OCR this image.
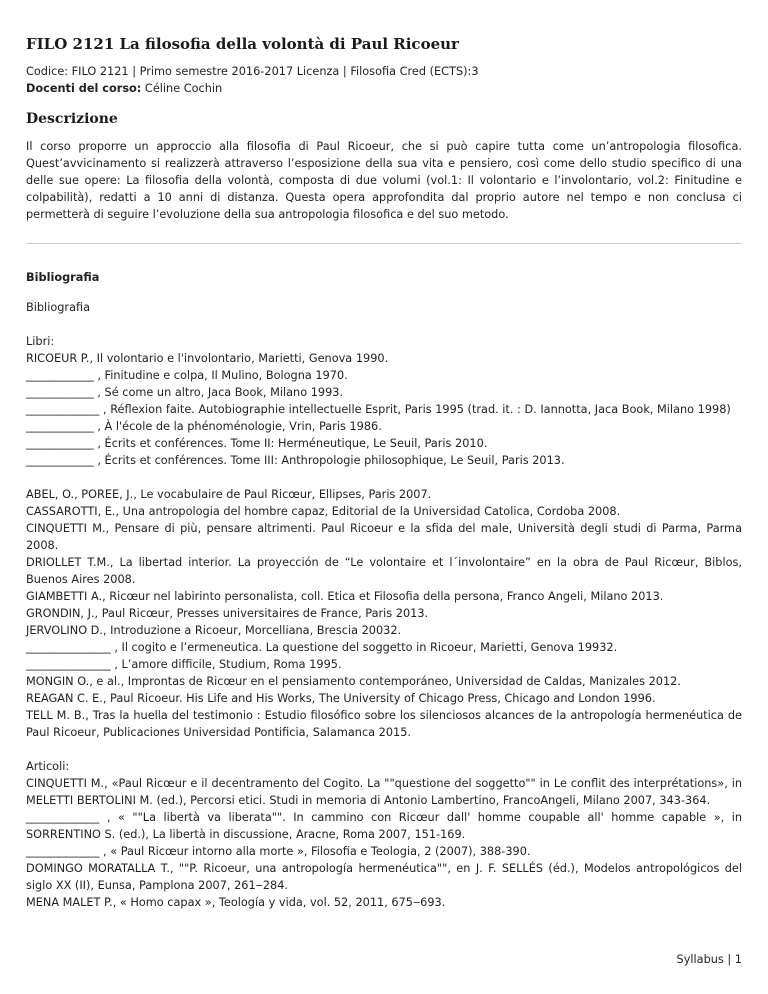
FILO 2121 La filosofia della volontà di Paul Ricoeur
Codice: FILO 2121 | Primo semestre 2016-2017 Licenza | Filosofia Cred (ECTS):3
Docenti del corso: Céline Cochin
Descrizione

Il corso proporre un approccio alla filosofia di Paul Ricoeur, che si può capire tutta come un’antropologia filosofica. Quest’avvicinamento si realizzerà attraverso l’esposizione della sua vita e pensiero, così come dello studio specifico di una delle sue opere: La filosofia della volontà, composta di due volumi (vol.1: Il volontario e l’involontario, vol.2: Finitudine e colpabilità), redatti a 10 anni di distanza. Questa opera approfondita dal proprio autore nel tempo e non conclusa ci permetterà di seguire l’evoluzione della sua antropologia filosofica e del suo metodo.

Bibliografia
Bibliografia
Libri:
RICOEUR P., Il volontario e l'involontario, Marietti, Genova 1990.
____________ , Finitudine e colpa, Il Mulino, Bologna 1970.
____________ , Sé come un altro, Jaca Book, Milano 1993.
_____________ , Réflexion faite. Autobiographie intellectuelle Esprit, Paris 1995 (trad. it. : D. Iannotta, Jaca Book, Milano 1998)
____________ , À l'école de la phénoménologie, Vrin, Paris 1986.
____________ , Écrits et conférences. Tome II: Herméneutique, Le Seuil, Paris 2010.
____________ , Écrits et conférences. Tome III: Anthropologie philosophique, Le Seuil, Paris 2013.
ABEL, O., POREE, J., Le vocabulaire de Paul Ricœur, Ellipses, Paris 2007.
CASSAROTTI, E., Una antropologia del hombre capaz, Editorial de la Universidad Catolica, Cordoba 2008.
CINQUETTI M., Pensare di più, pensare altrimenti. Paul Ricoeur e la sfida del male, Università degli studi di Parma, Parma 2008.
DRIOLLET T.M., La libertad interior. La proyección de “Le volontaire et l´involontaire” en la obra de Paul Ricœur, Biblos, Buenos Aires 2008.
GIAMBETTI A., Ricœur nel labirinto personalista, coll. Etica et Filosofia della persona, Franco Angeli, Milano 2013.
GRONDIN, J., Paul Ricœur, Presses universitaires de France, Paris 2013.
JERVOLINO D., Introduzione a Ricoeur, Morcelliana, Brescia 20032.
_______________ , Il cogito e l’ermeneutica. La questione del soggetto in Ricoeur, Marietti, Genova 19932.
_______________ , L’amore difficile, Studium, Roma 1995.
MONGIN O., e al., Improntas de Ricœur en el pensiamento contemporáneo, Universidad de Caldas, Manizales 2012.
REAGAN C. E., Paul Ricoeur. His Life and His Works, The University of Chicago Press, Chicago and London 1996.
TELL M. B., Tras la huella del testimonio : Estudio filosófico sobre los silenciosos alcances de la antropología hermenéutica de Paul Ricoeur, Publicaciones Universidad Pontificia, Salamanca 2015.
Articoli:
CINQUETTI M., «Paul Ricœur e il decentramento del Cogito. La ""questione del soggetto"" in Le conflit des interprétations», in MELETTI BERTOLINI M. (ed.), Percorsi etici. Studi in memoria di Antonio Lambertino, FrancoAngeli, Milano 2007, 343-364.
_____________ , « ""La libertà va liberata"". In cammino con Ricœur dall' homme coupable all' homme capable », in SORRENTINO S. (ed.), La libertà in discussione, Aracne, Roma 2007, 151-169.
_____________ , « Paul Ricœur intorno alla morte », Filosofia e Teologia, 2 (2007), 388-390.
DOMINGO MORATALLA T., ""P. Ricoeur, una antropología hermenéutica"", en J. F. SELLÉS (éd.), Modelos antropológicos del siglo XX (II), Eunsa, Pamplona 2007, 261‒284.
MENA MALET P., « Homo capax », Teología y vida, vol. 52, 2011, 675‒693.
Syllabus | 1
